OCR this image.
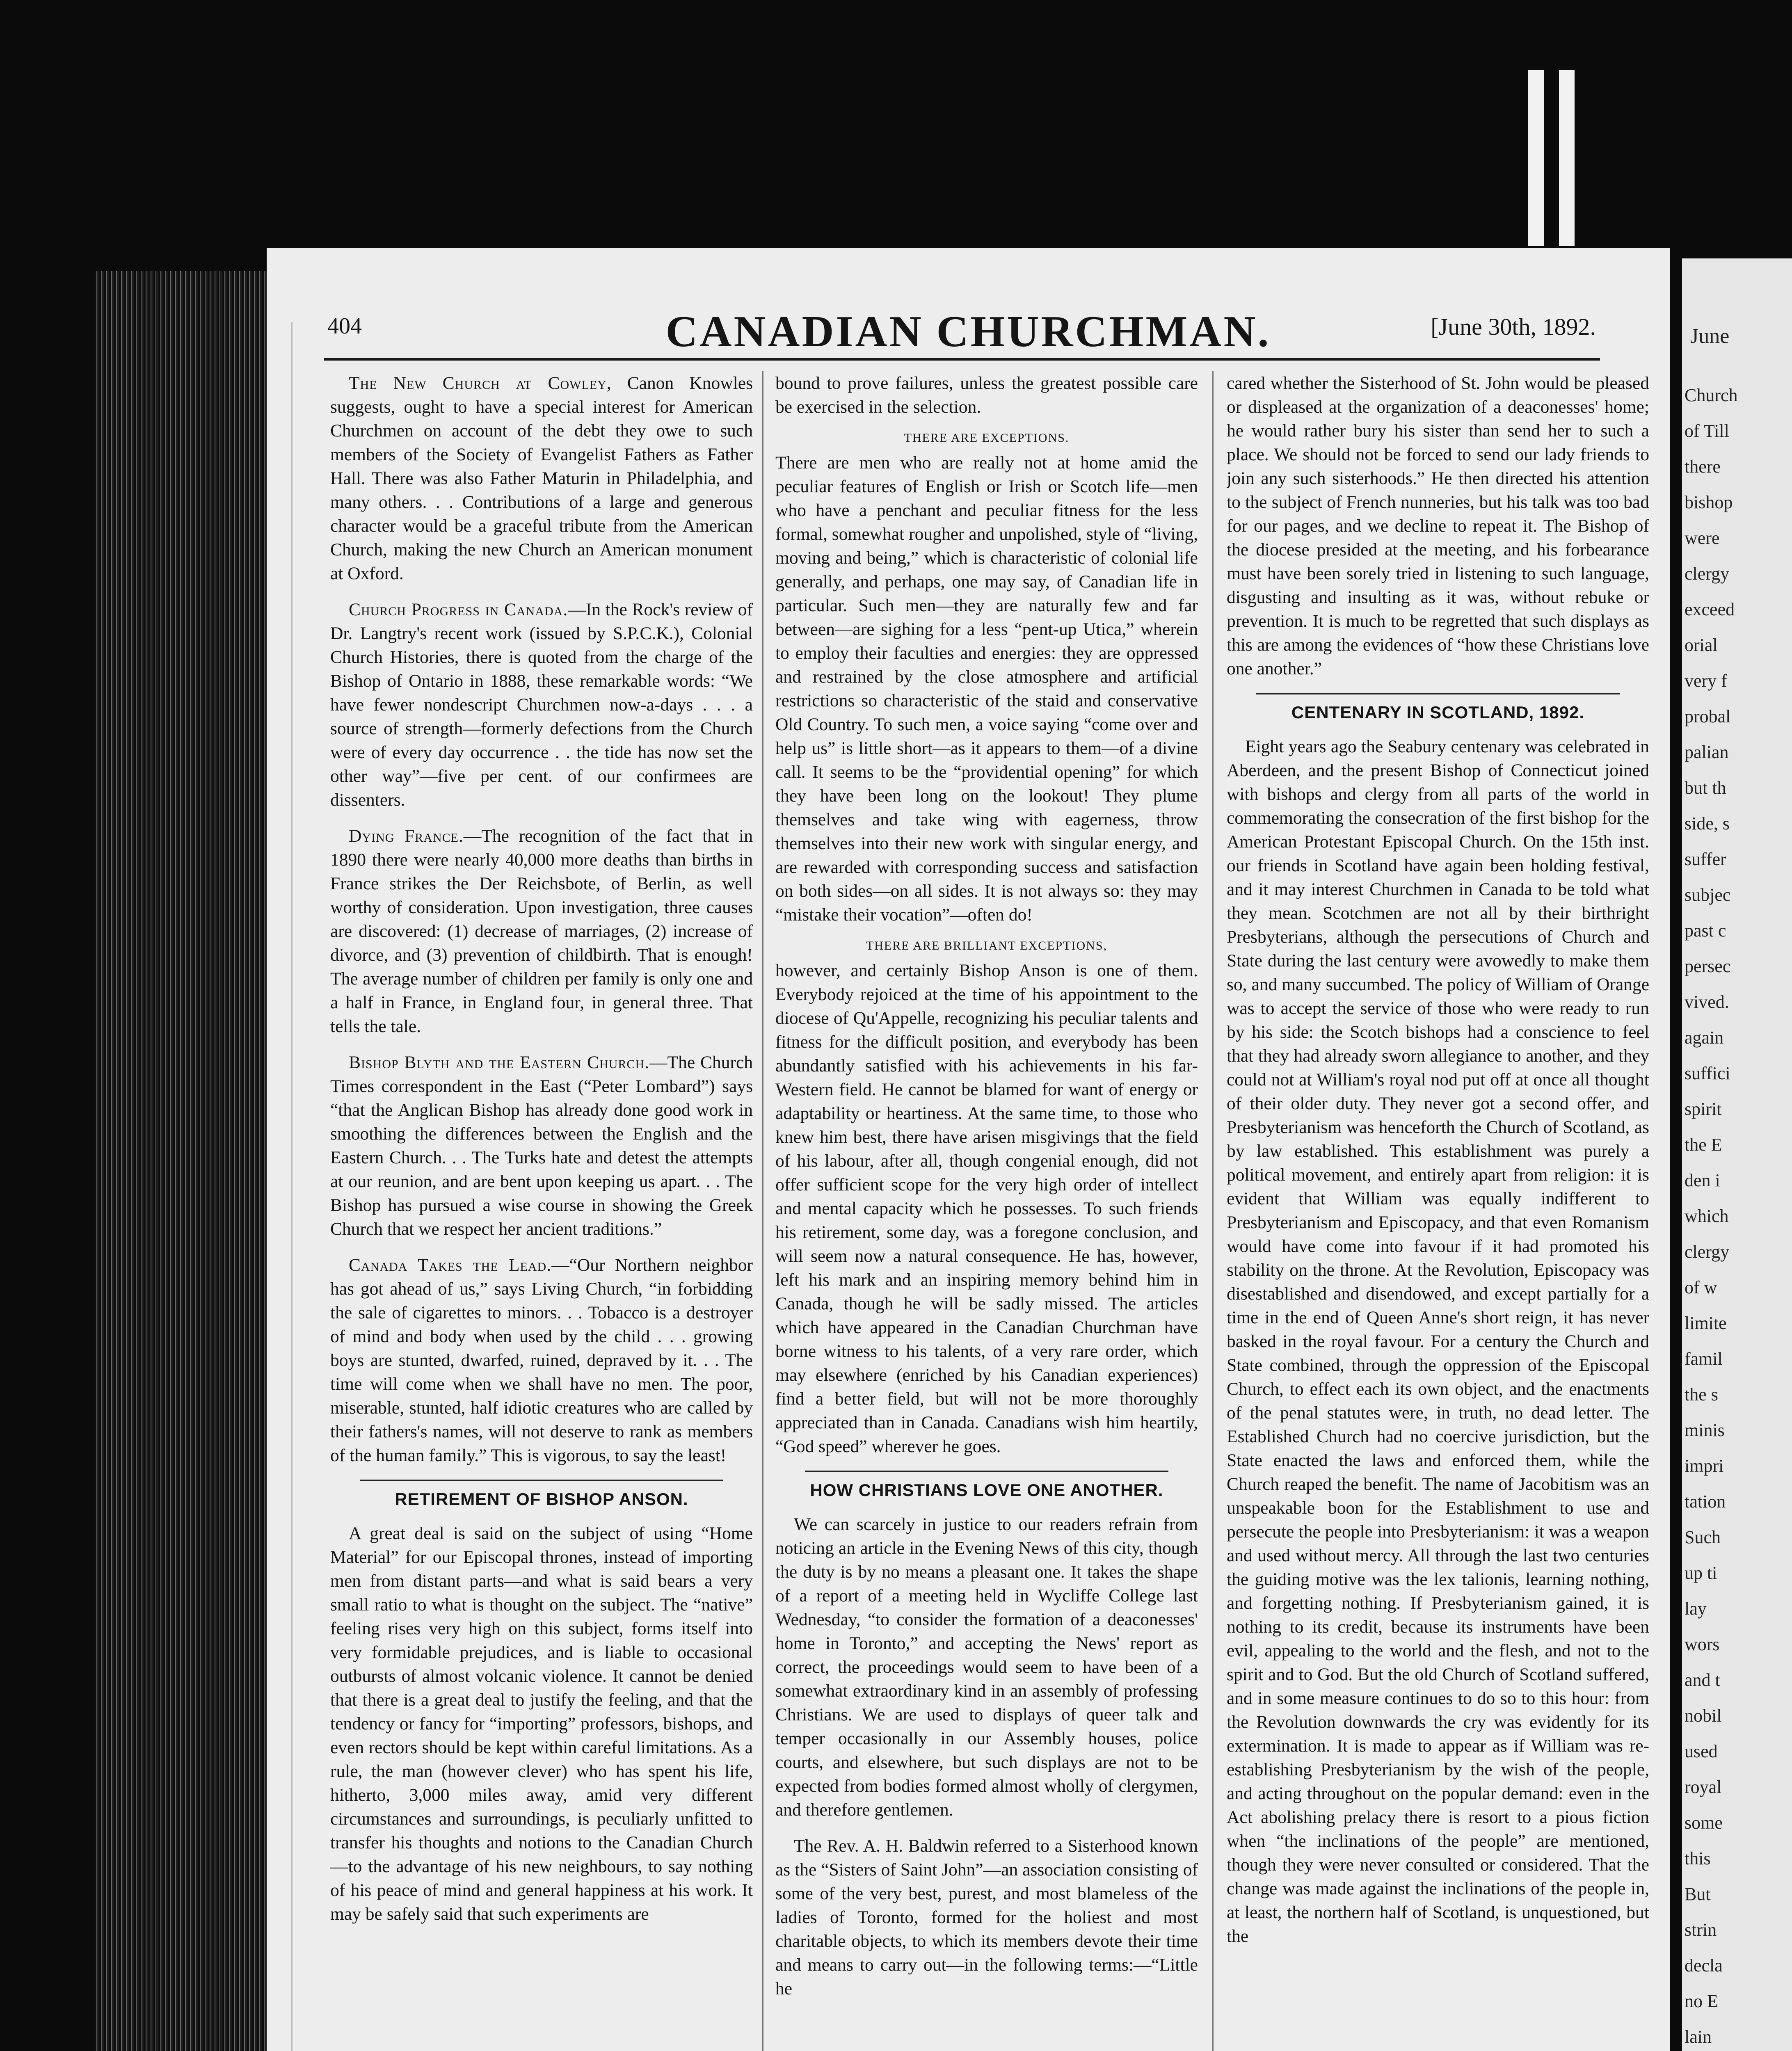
June
Church
of Till
there
bishop
were
clergy
exceed
orial
very f
probal
palian
but th
side, s
suffer
subjec
past c
persec
vived.
again
suffici
spirit
the E
den i
which
clergy
of w
limite
famil
the s
minis
impri
tation
Such
up ti
lay
wors
and t
nobil
used
royal
some
this
But
strin
decla
no E
lain
404	CANADIAN CHURCHMAN.	[June 30th, 1892.

The New Church at Cowley, Canon Knowles suggests, ought to have a special interest for American Churchmen on account of the debt they owe to such members of the Society of Evangelist Fathers as Father Hall. There was also Father Maturin in Philadelphia, and many others. . . Contributions of a large and generous character would be a graceful tribute from the American Church, making the new Church an American monument at Oxford.

Church Progress in Canada.—In the Rock's review of Dr. Langtry's recent work (issued by S.P.C.K.), Colonial Church Histories, there is quoted from the charge of the Bishop of Ontario in 1888, these remarkable words: “We have fewer nondescript Churchmen now-a-days . . . a source of strength—formerly defections from the Church were of every day occurrence . . the tide has now set the other way”—five per cent. of our confirmees are dissenters.

Dying France.—The recognition of the fact that in 1890 there were nearly 40,000 more deaths than births in France strikes the Der Reichsbote, of Berlin, as well worthy of consideration. Upon investigation, three causes are discovered: (1) decrease of marriages, (2) increase of divorce, and (3) prevention of childbirth. That is enough! The average number of children per family is only one and a half in France, in England four, in general three. That tells the tale.

Bishop Blyth and the Eastern Church.—The Church Times correspondent in the East (“Peter Lombard”) says “that the Anglican Bishop has already done good work in smoothing the differences between the English and the Eastern Church. . . The Turks hate and detest the attempts at our reunion, and are bent upon keeping us apart. . . The Bishop has pursued a wise course in showing the Greek Church that we respect her ancient traditions.”

Canada Takes the Lead.—“Our Northern neighbor has got ahead of us,” says Living Church, “in forbidding the sale of cigarettes to minors. . . Tobacco is a destroyer of mind and body when used by the child . . . growing boys are stunted, dwarfed, ruined, depraved by it. . . The time will come when we shall have no men. The poor, miserable, stunted, half idiotic creatures who are called by their fathers's names, will not deserve to rank as members of the human family.” This is vigorous, to say the least!

RETIREMENT OF BISHOP ANSON.

A great deal is said on the subject of using “Home Material” for our Episcopal thrones, instead of importing men from distant parts—and what is said bears a very small ratio to what is thought on the subject. The “native” feeling rises very high on this subject, forms itself into very formidable prejudices, and is liable to occasional outbursts of almost volcanic violence. It cannot be denied that there is a great deal to justify the feeling, and that the tendency or fancy for “importing” professors, bishops, and even rectors should be kept within careful limitations. As a rule, the man (however clever) who has spent his life, hitherto, 3,000 miles away, amid very different circumstances and surroundings, is peculiarly unfitted to transfer his thoughts and notions to the Canadian Church—to the advantage of his new neighbours, to say nothing of his peace of mind and general happiness at his work. It may be safely said that such experiments are

bound to prove failures, unless the greatest possible care be exercised in the selection.

THERE ARE EXCEPTIONS.

There are men who are really not at home amid the peculiar features of English or Irish or Scotch life—men who have a penchant and peculiar fitness for the less formal, somewhat rougher and unpolished, style of “living, moving and being,” which is characteristic of colonial life generally, and perhaps, one may say, of Canadian life in particular. Such men—they are naturally few and far between—are sighing for a less “pent-up Utica,” wherein to employ their faculties and energies: they are oppressed and restrained by the close atmosphere and artificial restrictions so characteristic of the staid and conservative Old Country. To such men, a voice saying “come over and help us” is little short—as it appears to them—of a divine call. It seems to be the “providential opening” for which they have been long on the lookout! They plume themselves and take wing with eagerness, throw themselves into their new work with singular energy, and are rewarded with corresponding success and satisfaction on both sides—on all sides. It is not always so: they may “mistake their vocation”—often do!

THERE ARE BRILLIANT EXCEPTIONS,

however, and certainly Bishop Anson is one of them. Everybody rejoiced at the time of his appointment to the diocese of Qu'Appelle, recognizing his peculiar talents and fitness for the difficult position, and everybody has been abundantly satisfied with his achievements in his far-Western field. He cannot be blamed for want of energy or adaptability or heartiness. At the same time, to those who knew him best, there have arisen misgivings that the field of his labour, after all, though congenial enough, did not offer sufficient scope for the very high order of intellect and mental capacity which he possesses. To such friends his retirement, some day, was a foregone conclusion, and will seem now a natural consequence. He has, however, left his mark and an inspiring memory behind him in Canada, though he will be sadly missed. The articles which have appeared in the Canadian Churchman have borne witness to his talents, of a very rare order, which may elsewhere (enriched by his Canadian experiences) find a better field, but will not be more thoroughly appreciated than in Canada. Canadians wish him heartily, “God speed” wherever he goes.

HOW CHRISTIANS LOVE ONE ANOTHER.

We can scarcely in justice to our readers refrain from noticing an article in the Evening News of this city, though the duty is by no means a pleasant one. It takes the shape of a report of a meeting held in Wycliffe College last Wednesday, “to consider the formation of a deaconesses' home in Toronto,” and accepting the News' report as correct, the proceedings would seem to have been of a somewhat extraordinary kind in an assembly of professing Christians. We are used to displays of queer talk and temper occasionally in our Assembly houses, police courts, and elsewhere, but such displays are not to be expected from bodies formed almost wholly of clergymen, and therefore gentlemen.

The Rev. A. H. Baldwin referred to a Sisterhood known as the “Sisters of Saint John”—an association consisting of some of the very best, purest, and most blameless of the ladies of Toronto, formed for the holiest and most charitable objects, to which its members devote their time and means to carry out—in the following terms:—“Little he

cared whether the Sisterhood of St. John would be pleased or displeased at the organization of a deaconesses' home; he would rather bury his sister than send her to such a place. We should not be forced to send our lady friends to join any such sisterhoods.” He then directed his attention to the subject of French nunneries, but his talk was too bad for our pages, and we decline to repeat it. The Bishop of the diocese presided at the meeting, and his forbearance must have been sorely tried in listening to such language, disgusting and insulting as it was, without rebuke or prevention. It is much to be regretted that such displays as this are among the evidences of “how these Christians love one another.”

CENTENARY IN SCOTLAND, 1892.

Eight years ago the Seabury centenary was celebrated in Aberdeen, and the present Bishop of Connecticut joined with bishops and clergy from all parts of the world in commemorating the consecration of the first bishop for the American Protestant Episcopal Church. On the 15th inst. our friends in Scotland have again been holding festival, and it may interest Churchmen in Canada to be told what they mean. Scotchmen are not all by their birthright Presbyterians, although the persecutions of Church and State during the last century were avowedly to make them so, and many succumbed. The policy of William of Orange was to accept the service of those who were ready to run by his side: the Scotch bishops had a conscience to feel that they had already sworn allegiance to another, and they could not at William's royal nod put off at once all thought of their older duty. They never got a second offer, and Presbyterianism was henceforth the Church of Scotland, as by law established. This establishment was purely a political movement, and entirely apart from religion: it is evident that William was equally indifferent to Presbyterianism and Episcopacy, and that even Romanism would have come into favour if it had promoted his stability on the throne. At the Revolution, Episcopacy was disestablished and disendowed, and except partially for a time in the end of Queen Anne's short reign, it has never basked in the royal favour. For a century the Church and State combined, through the oppression of the Episcopal Church, to effect each its own object, and the enactments of the penal statutes were, in truth, no dead letter. The Established Church had no coercive jurisdiction, but the State enacted the laws and enforced them, while the Church reaped the benefit. The name of Jacobitism was an unspeakable boon for the Establishment to use and persecute the people into Presbyterianism: it was a weapon and used without mercy. All through the last two centuries the guiding motive was the lex talionis, learning nothing, and forgetting nothing. If Presbyterianism gained, it is nothing to its credit, because its instruments have been evil, appealing to the world and the flesh, and not to the spirit and to God. But the old Church of Scotland suffered, and in some measure continues to do so to this hour: from the Revolution downwards the cry was evidently for its extermination. It is made to appear as if William was re-establishing Presbyterianism by the wish of the people, and acting throughout on the popular demand: even in the Act abolishing prelacy there is resort to a pious fiction when “the inclinations of the people” are mentioned, though they were never consulted or considered. That the change was made against the inclinations of the people in, at least, the northern half of Scotland, is unquestioned, but the
